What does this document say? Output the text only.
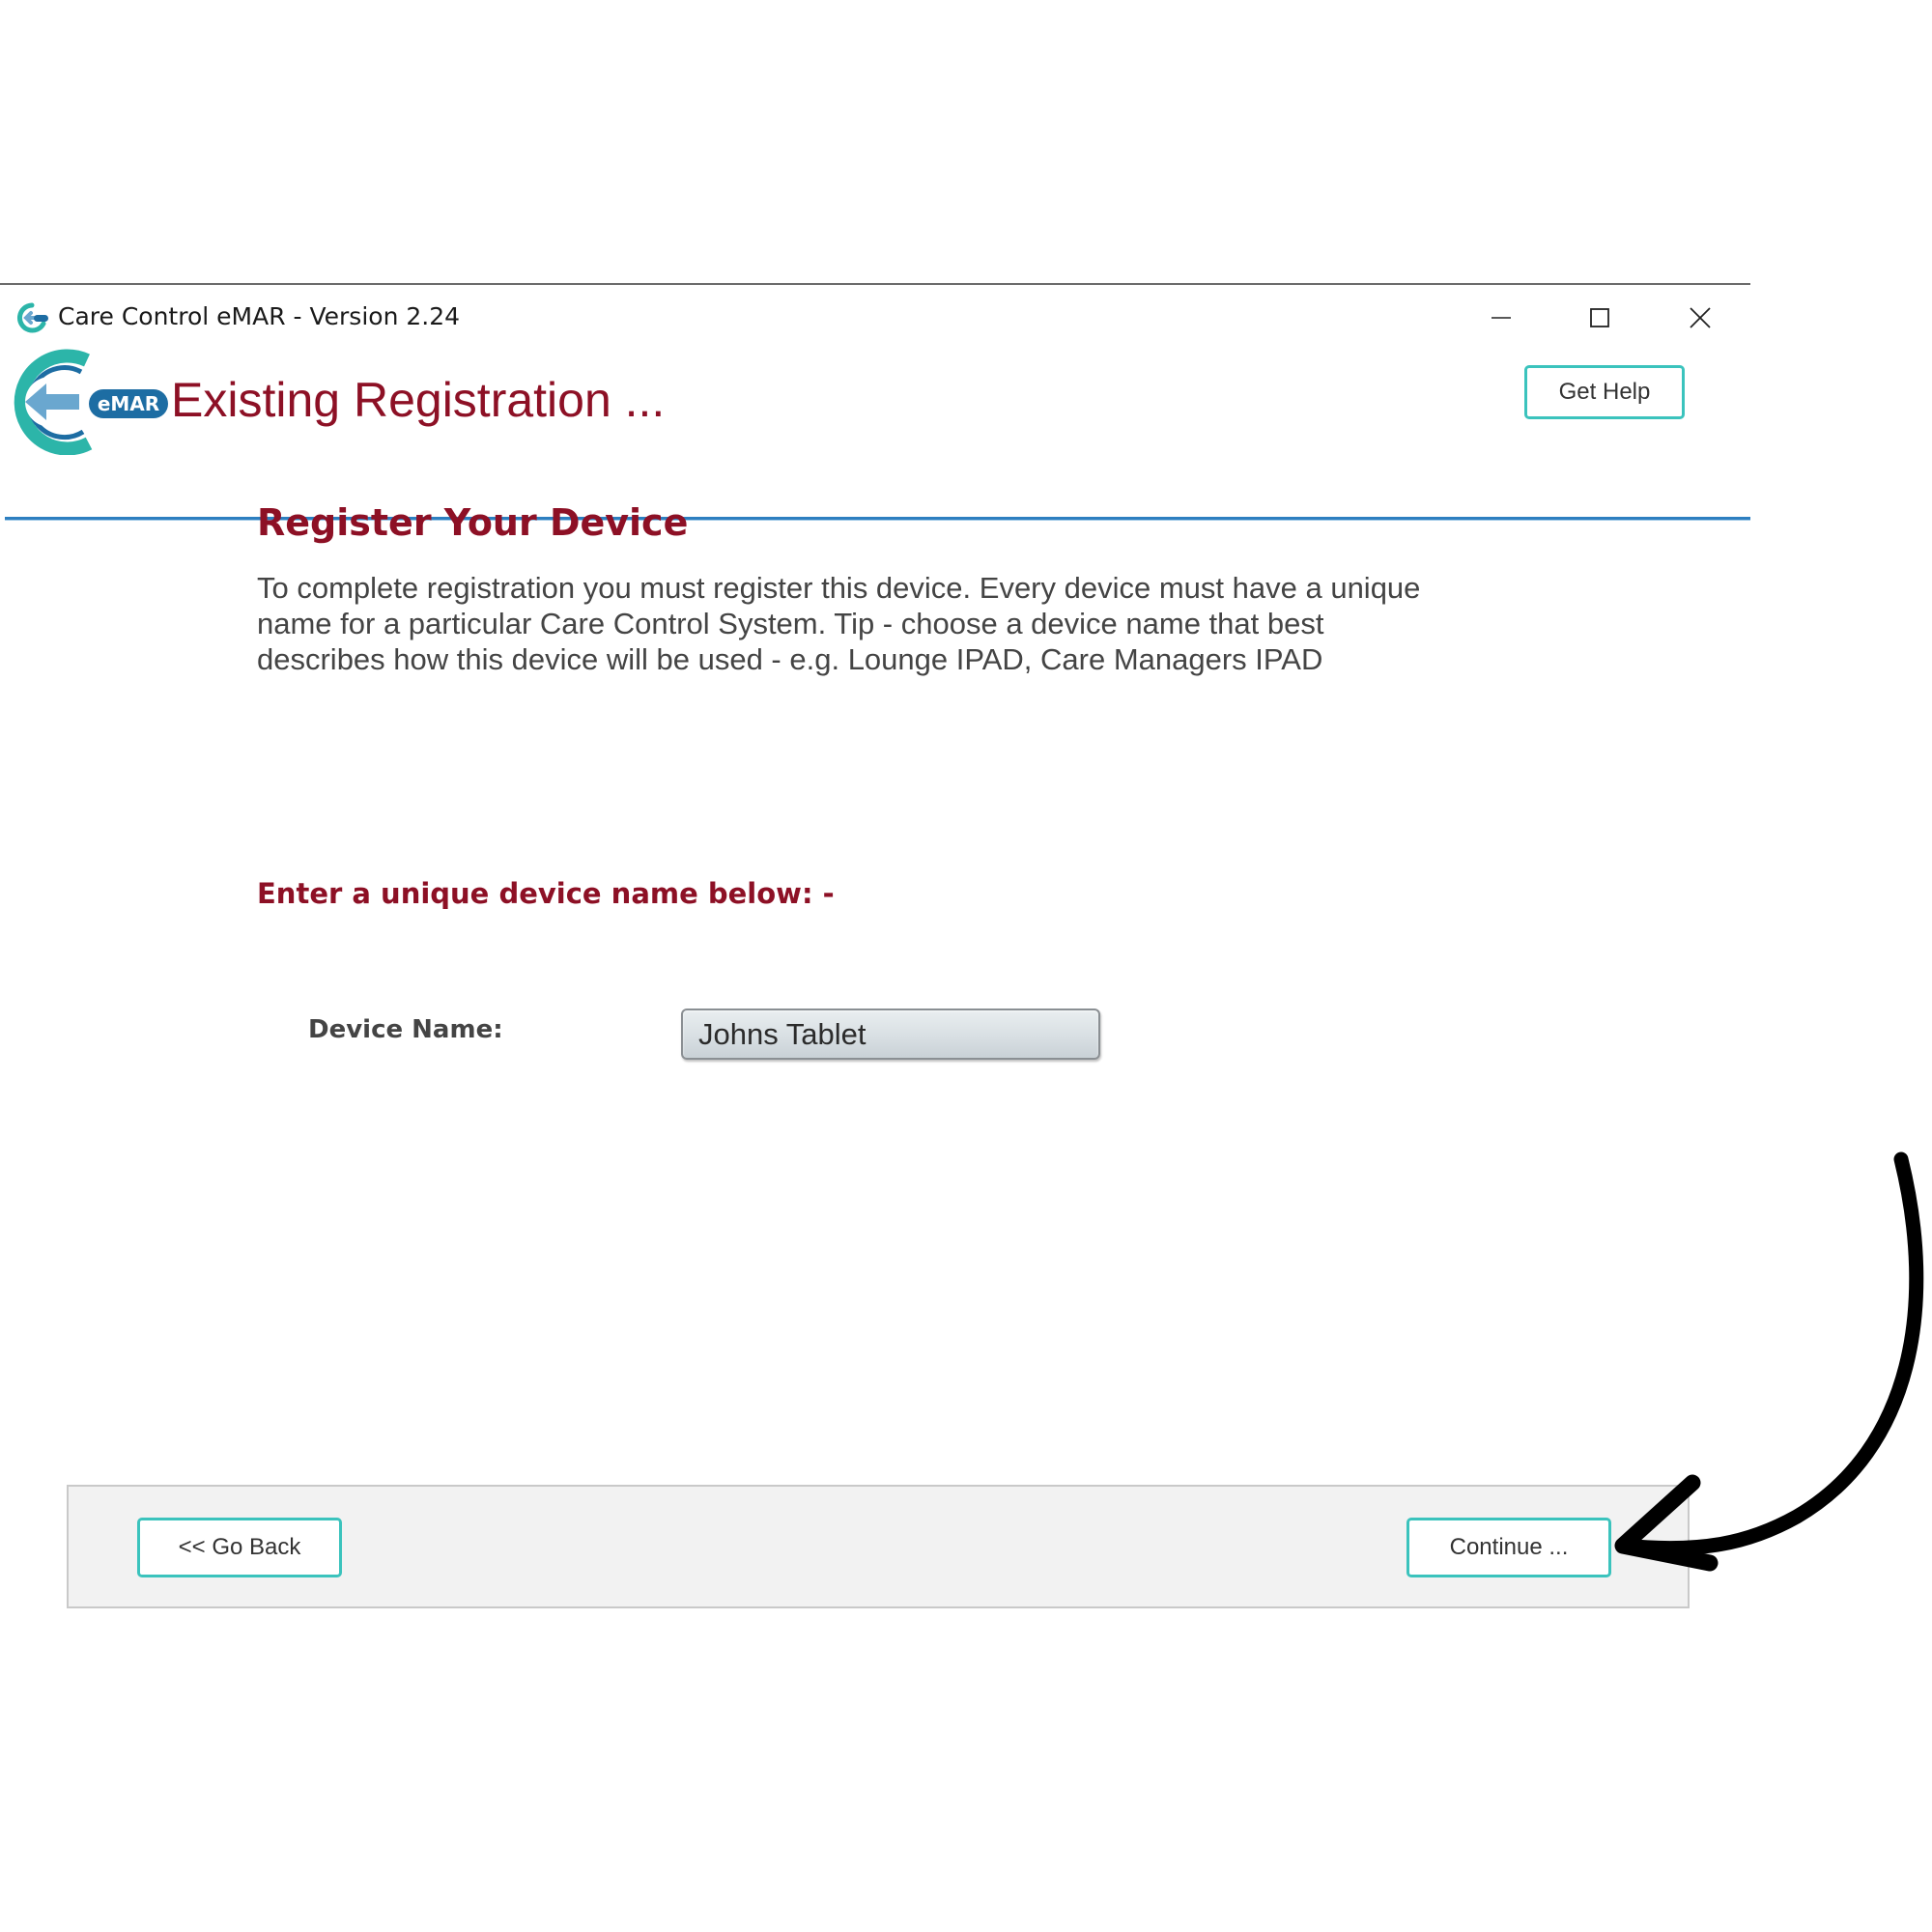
Care Control eMAR - Version 2.24
eMAR Existing Registration ...	Get Help
Register Your Device

To complete registration you must register this device. Every device must have a unique name for a particular Care Control System. Tip - choose a device name that best describes how this device will be used - e.g. Lounge IPAD, Care Managers IPAD

Enter a unique device name below: -
Device Name:
Johns Tablet
<< Go Back	Continue ...
